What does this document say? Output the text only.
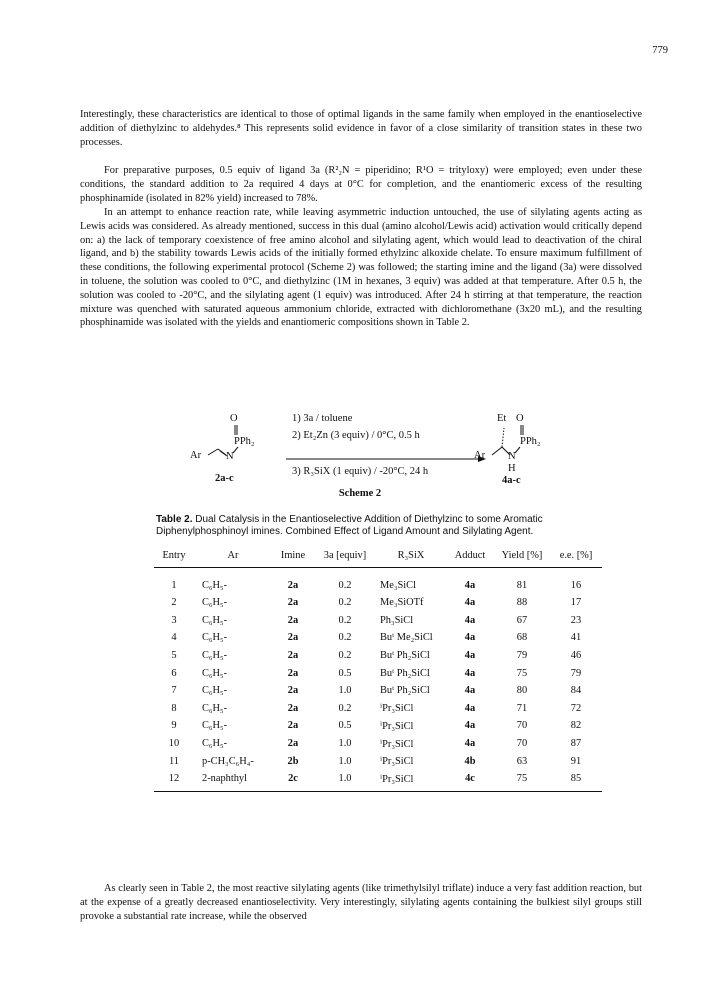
779

Interestingly, these characteristics are identical to those of optimal ligands in the same family when employed in the enantioselective addition of diethylzinc to aldehydes.⁸ This represents solid evidence in favor of a close similarity of transition states in these two processes.

For preparative purposes, 0.5 equiv of ligand 3a (R²₂N = piperidino; R¹O = trityloxy) were employed; even under these conditions, the standard addition to 2a required 4 days at 0°C for completion, and the enantiomeric excess of the resulting phosphinamide (isolated in 82% yield) increased to 78%.

In an attempt to enhance reaction rate, while leaving asymmetric induction untouched, the use of silylating agents acting as Lewis acids was considered. As already mentioned, success in this dual (amino alcohol/Lewis acid) activation would critically depend on: a) the lack of temporary coexistence of free amino alcohol and silylating agent, which would lead to deactivation of the chiral ligand, and b) the stability towards Lewis acids of the initially formed ethylzinc alkoxide chelate. To ensure maximum fulfillment of these conditions, the following experimental protocol (Scheme 2) was followed; the starting imine and the ligand (3a) were dissolved in toluene, the solution was cooled to 0°C, and diethylzinc (1M in hexanes, 3 equiv) was added at that temperature. After 0.5 h, the solution was cooled to -20°C, and the silylating agent (1 equiv) was introduced. After 24 h stirring at that temperature, the reaction mixture was quenched with saturated aqueous ammonium chloride, extracted with dichloromethane (3x20 mL), and the resulting phosphinamide was isolated with the yields and enantiomeric compositions shown in Table 2.

O
PPh₂
Ar N
2a-c
1) 3a / toluene
2) Et₂Zn (3 equiv) / 0°C, 0.5 h
3) R₃SiX (1 equiv) / -20°C, 24 h
Et O
PPh₂
Ar N
H
4a-c
Scheme 2
Table 2. Dual Catalysis in the Enantioselective Addition of Diethylzinc to some Aromatic Diphenylphosphinoyl imines. Combined Effect of Ligand Amount and Silylating Agent.
Entry	Ar	Imine	3a [equiv]	R₃SiX	Adduct	Yield [%]	e.e. [%]
1	C₆H₅-	2a	0.2	Me₃SiCl	4a	81	16
2	C₆H₅-	2a	0.2	Me₃SiOTf	4a	88	17
3	C₆H₅-	2a	0.2	Ph₃SiCl	4a	67	23
4	C₆H₅-	2a	0.2	Buᵗ Me₂SiCl	4a	68	41
5	C₆H₅-	2a	0.2	Buᵗ Ph₂SiCl	4a	79	46
6	C₆H₅-	2a	0.5	Buᵗ Ph₂SiCl	4a	75	79
7	C₆H₅-	2a	1.0	Buᵗ Ph₂SiCl	4a	80	84
8	C₆H₅-	2a	0.2	ⁱPr₃SiCl	4a	71	72
9	C₆H₅-	2a	0.5	ⁱPr₃SiCl	4a	70	82
10	C₆H₅-	2a	1.0	ⁱPr₃SiCl	4a	70	87
11	p-CH₃C₆H₄-	2b	1.0	ⁱPr₃SiCl	4b	63	91
12	2-naphthyl	2c	1.0	ⁱPr₃SiCl	4c	75	85

As clearly seen in Table 2, the most reactive silylating agents (like trimethylsilyl triflate) induce a very fast addition reaction, but at the expense of a greatly decreased enantioselectivity. Very interestingly, silylating agents containing the bulkiest silyl groups still provoke a substantial rate increase, while the observed
